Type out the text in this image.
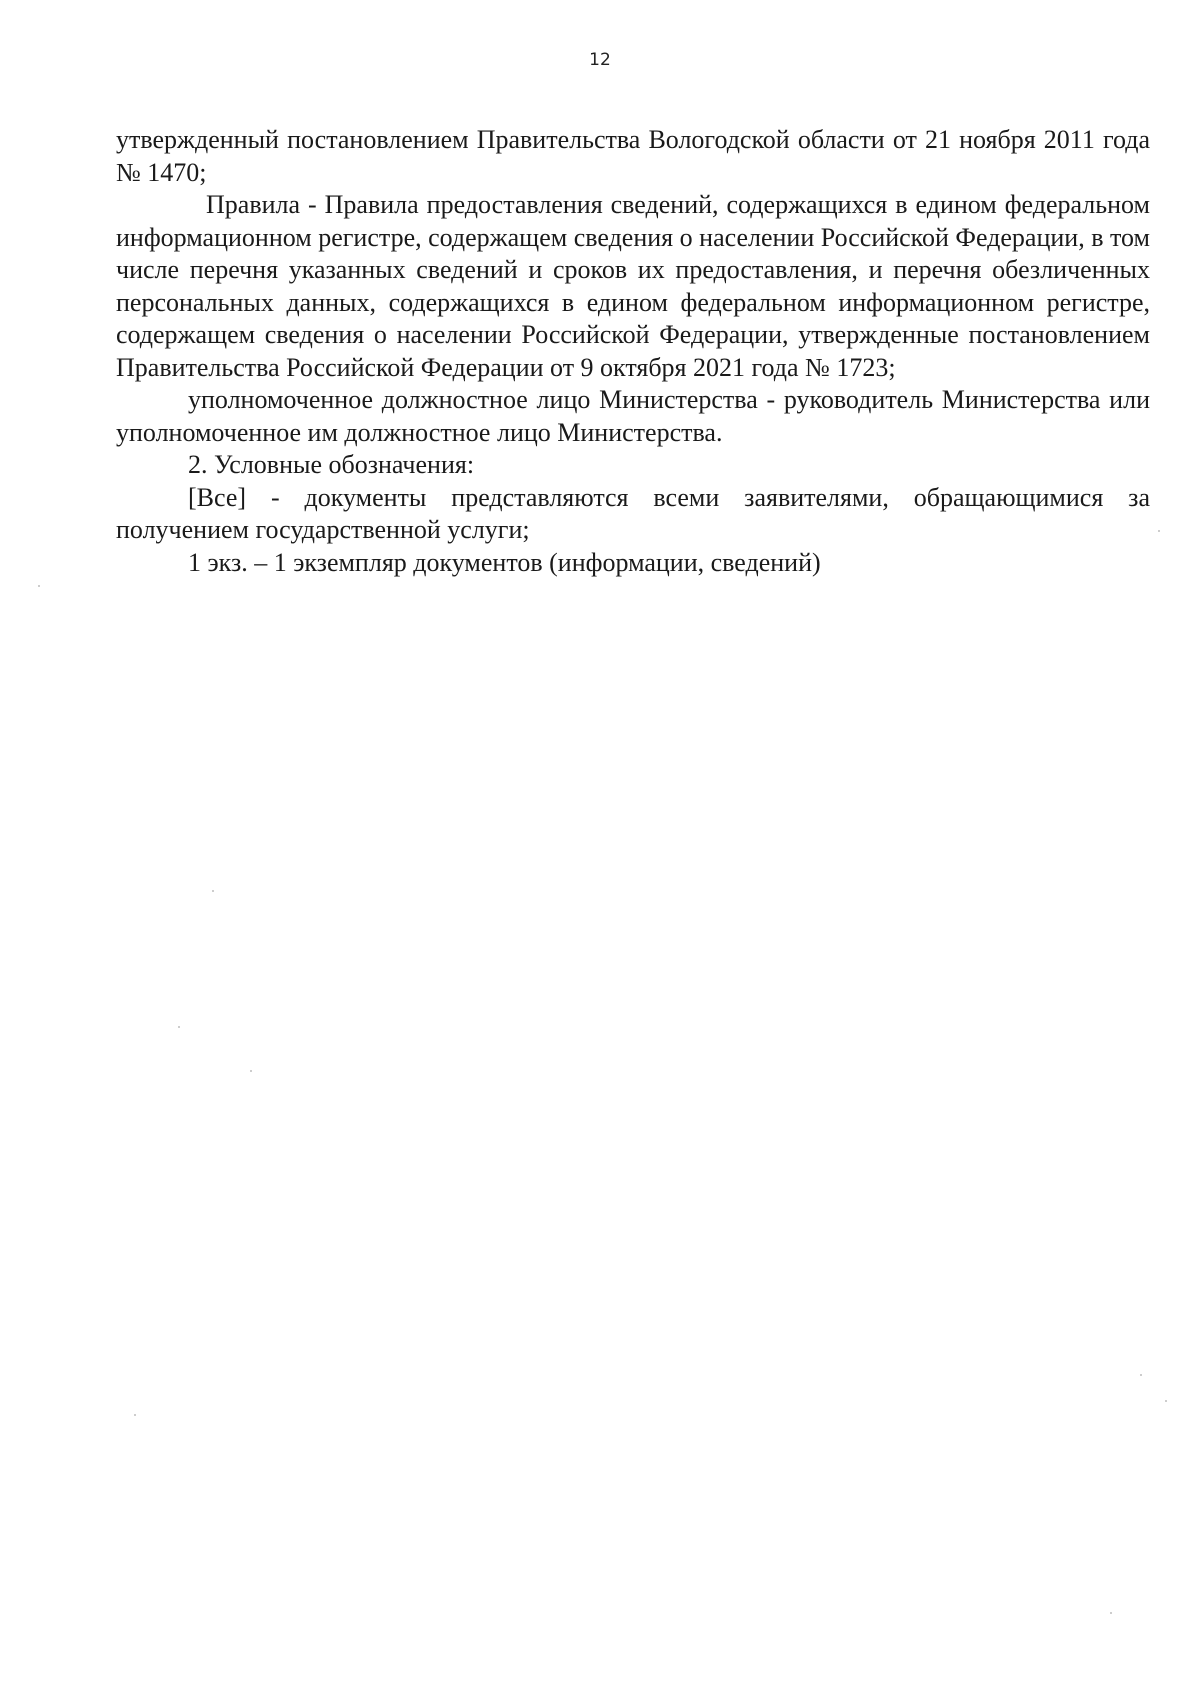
12

утвержденный постановлением Правительства Вологодской области от 21 ноября 2011 года № 1470;

Правила - Правила предоставления сведений, содержащихся в едином федеральном информационном регистре, содержащем сведения о населении Российской Федерации, в том числе перечня указанных сведений и сроков их предоставления, и перечня обезличенных персональных данных, содержащихся в едином федеральном информационном регистре, содержащем сведения о населении Российской Федерации, утвержденные постановлением Правительства Российской Федерации от 9 октября 2021 года № 1723;

уполномоченное должностное лицо Министерства - руководитель Министерства или уполномоченное им должностное лицо Министерства.

2. Условные обозначения:

[Все] - документы представляются всеми заявителями, обращающимися за получением государственной услуги;

1 экз. – 1 экземпляр документов (информации, сведений)
